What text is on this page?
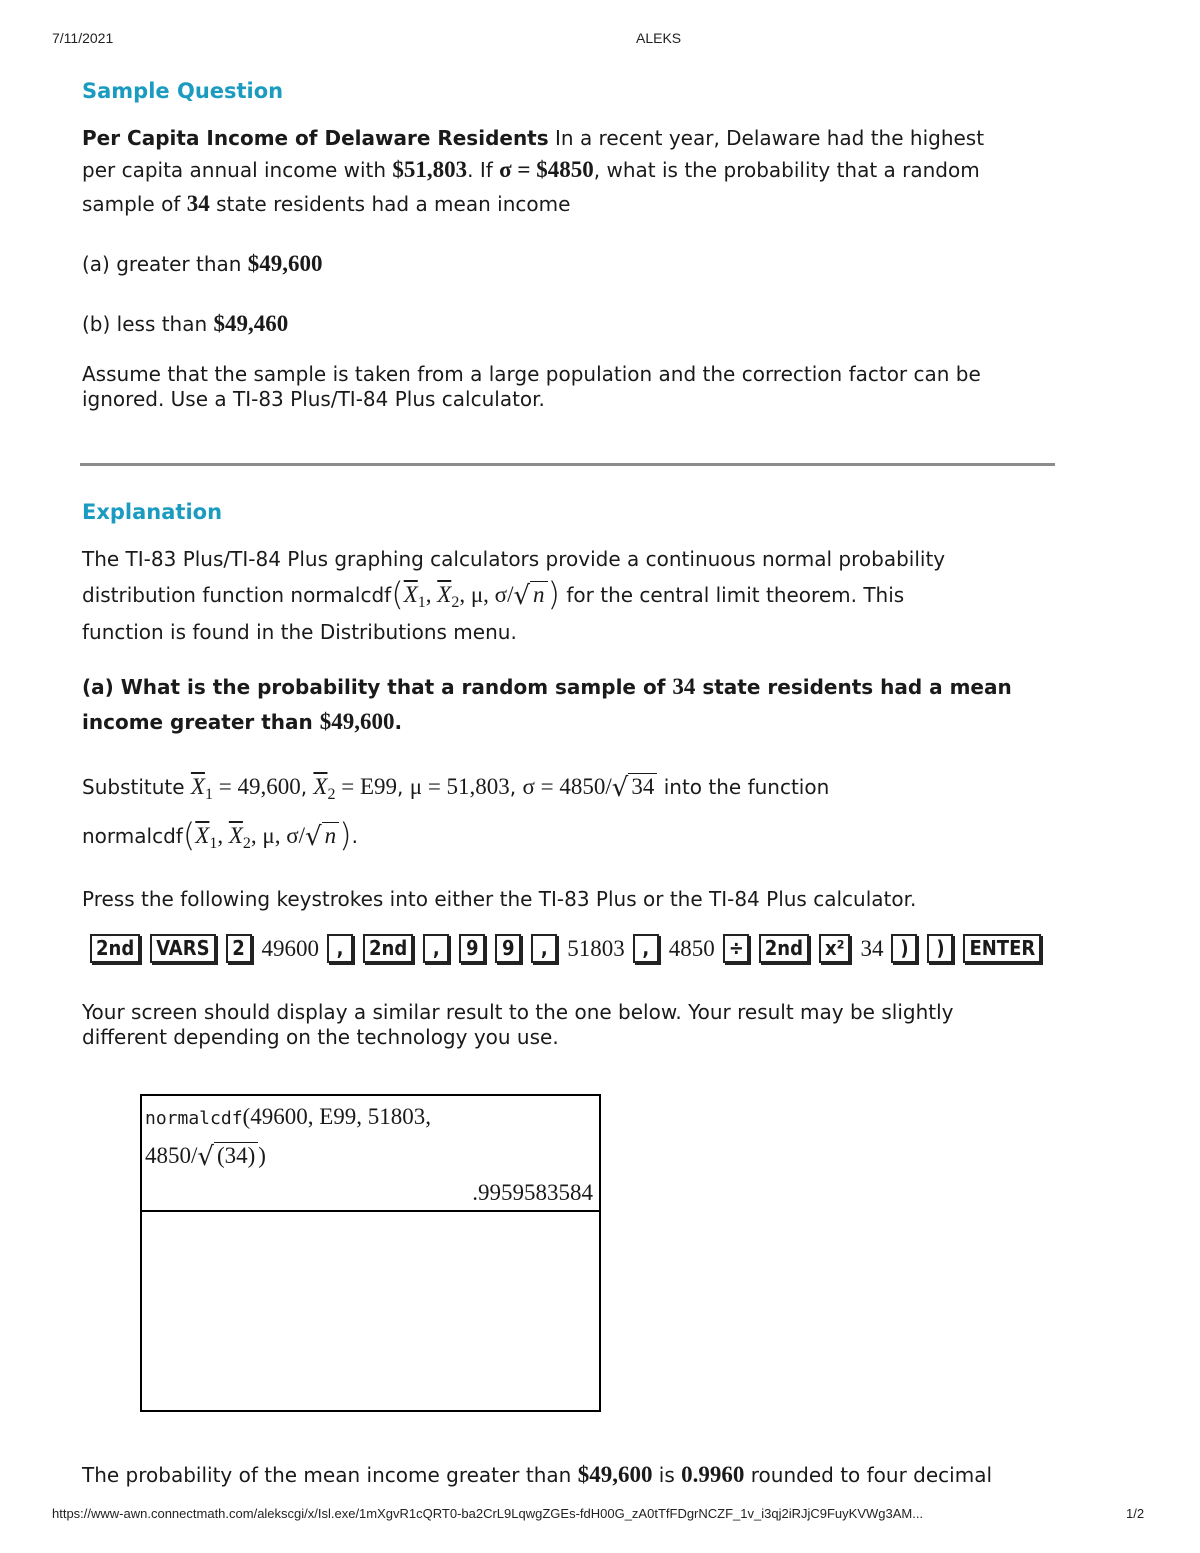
7/11/2021	ALEKS
Sample Question
Per Capita Income of Delaware Residents In a recent year, Delaware had the highest
per capita annual income with $51,803. If σ = $4850, what is the probability that a random
sample of 34 state residents had a mean income
(a) greater than $49,600
(b) less than $49,460
Assume that the sample is taken from a large population and the correction factor can be
ignored. Use a TI-83 Plus/TI-84 Plus calculator.
Explanation
The TI-83 Plus/TI-84 Plus graphing calculators provide a continuous normal probability
distribution function $normalcdf(\overline{X}_1$, $\overline{X}_2$, μ, σ/√ n) for the central limit theorem. This
function is found in the Distributions menu.
(a) What is the probability that a random sample of 34 state residents had a mean
income greater than $49,600.
Substitute $\overline{X}_1 = 49,600$, $\overline{X}_2 = E99$, μ = 51,803, σ = 4850/√ 34 into the function
$normalcdf(\overline{X}_1$, $\overline{X}_2$, μ, σ/√ n).
Press the following keystrokes into either the TI-83 Plus or the TI-84 Plus calculator.
2nd	VARS	2 49600 ,	2nd	,	9	9	, 51803 , 4850 ÷	2nd	x² 34 )	)	ENTER
Your screen should display a similar result to the one below. Your result may be slightly
different depending on the technology you use.
normalcdf(49600, E99, 51803,
4850/√ (34) )
.9959583584
The probability of the mean income greater than $49,600 is 0.9960 rounded to four decimal
https://www-awn.connectmath.com/alekscgi/x/Isl.exe/1mXgvR1cQRT0-ba2CrL9LqwgZGEs-fdH00G_zA0tTfFDgrNCZF_1v_i3qj2iRJjC9FuyKVWg3AM...	1/2
